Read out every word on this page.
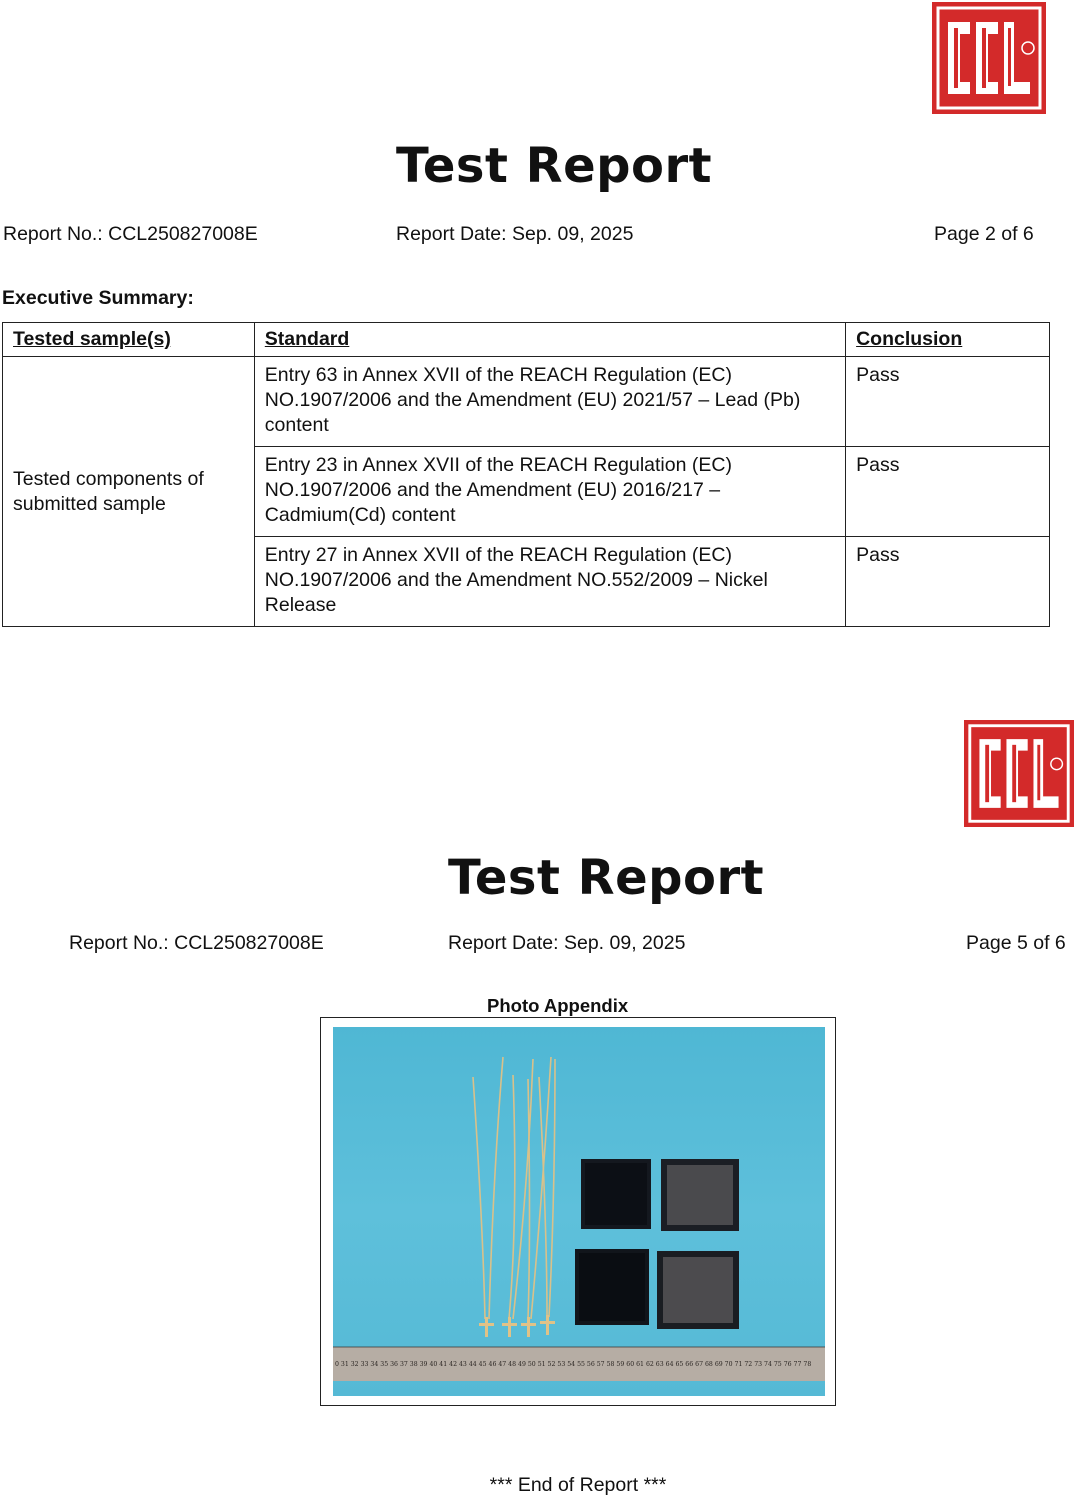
Test Report
Report No.: CCL250827008E	Report Date: Sep. 09, 2025	Page 2 of 6
Executive Summary:
Tested sample(s)	Standard	Conclusion
Tested components of submitted sample	Entry 63 in Annex XVII of the REACH Regulation (EC) NO.1907/2006 and the Amendment (EU) 2021/57 – Lead (Pb) content	Pass
	Entry 23 in Annex XVII of the REACH Regulation (EC) NO.1907/2006 and the Amendment (EU) 2016/217 – Cadmium(Cd) content	Pass
	Entry 27 in Annex XVII of the REACH Regulation (EC) NO.1907/2006 and the Amendment NO.552/2009 – Nickel Release	Pass
Test Report
Report No.: CCL250827008E	Report Date: Sep. 09, 2025	Page 5 of 6
Photo Appendix
0 31 32 33 34 35 36 37 38 39 40 41 42 43 44 45 46 47 48 49 50 51 52 53 54 55 56 57 58 59 60 61 62 63 64 65 66 67 68 69 70 71 72 73 74 75 76 77 78
*** End of Report ***
